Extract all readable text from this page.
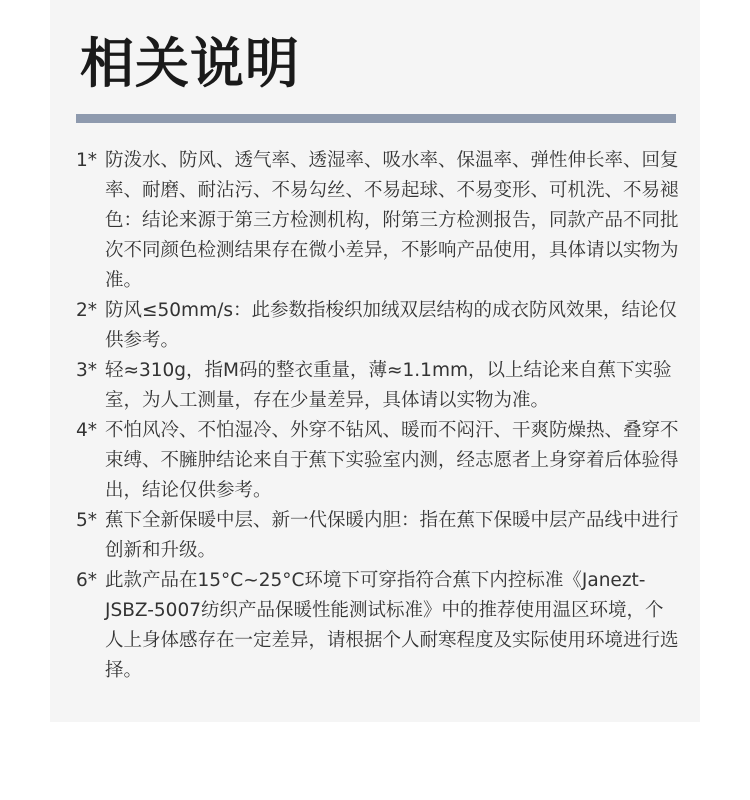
相关说明
1* 防泼水、防风、透气率、透湿率、吸水率、保温率、弹性伸长率、回复率、耐磨、耐沾污、不易勾丝、不易起球、不易变形、可机洗、不易褪色：结论来源于第三方检测机构，附第三方检测报告，同款产品不同批次不同颜色检测结果存在微小差异，不影响产品使用，具体请以实物为准。
2* 防风≤50mm/s：此参数指梭织加绒双层结构的成衣防风效果，结论仅供参考。
3* 轻≈310g，指M码的整衣重量，薄≈1.1mm，以上结论来自蕉下实验室，为人工测量，存在少量差异，具体请以实物为准。
4* 不怕风冷、不怕湿冷、外穿不钻风、暖而不闷汗、干爽防燥热、叠穿不束缚、不臃肿结论来自于蕉下实验室内测，经志愿者上身穿着后体验得出，结论仅供参考。
5* 蕉下全新保暖中层、新一代保暖内胆：指在蕉下保暖中层产品线中进行创新和升级。
6* 此款产品在15°C~25°C环境下可穿指符合蕉下内控标准《Janezt-JSBZ-5007纺织产品保暖性能测试标准》中的推荐使用温区环境，个人上身体感存在一定差异，请根据个人耐寒程度及实际使用环境进行选择。
